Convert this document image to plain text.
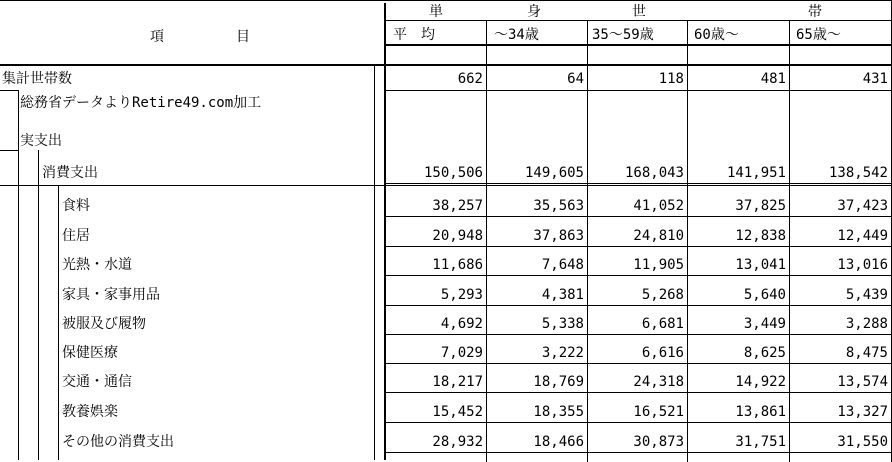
項	目
単	身	世	帯
平　均	～34歳	35～59歳	60歳～	65歳～
集計世帯数	662	64	118	481	431
総務省データよりRetire49.com加工
実支出
消費支出	150,506	149,605	168,043	141,951	138,542
食料	38,257	35,563	41,052	37,825	37,423
住居	20,948	37,863	24,810	12,838	12,449
光熱・水道	11,686	7,648	11,905	13,041	13,016
家具・家事用品	5,293	4,381	5,268	5,640	5,439
被服及び履物	4,692	5,338	6,681	3,449	3,288
保健医療	7,029	3,222	6,616	8,625	8,475
交通・通信	18,217	18,769	24,318	14,922	13,574
教養娯楽	15,452	18,355	16,521	13,861	13,327
その他の消費支出	28,932	18,466	30,873	31,751	31,550
